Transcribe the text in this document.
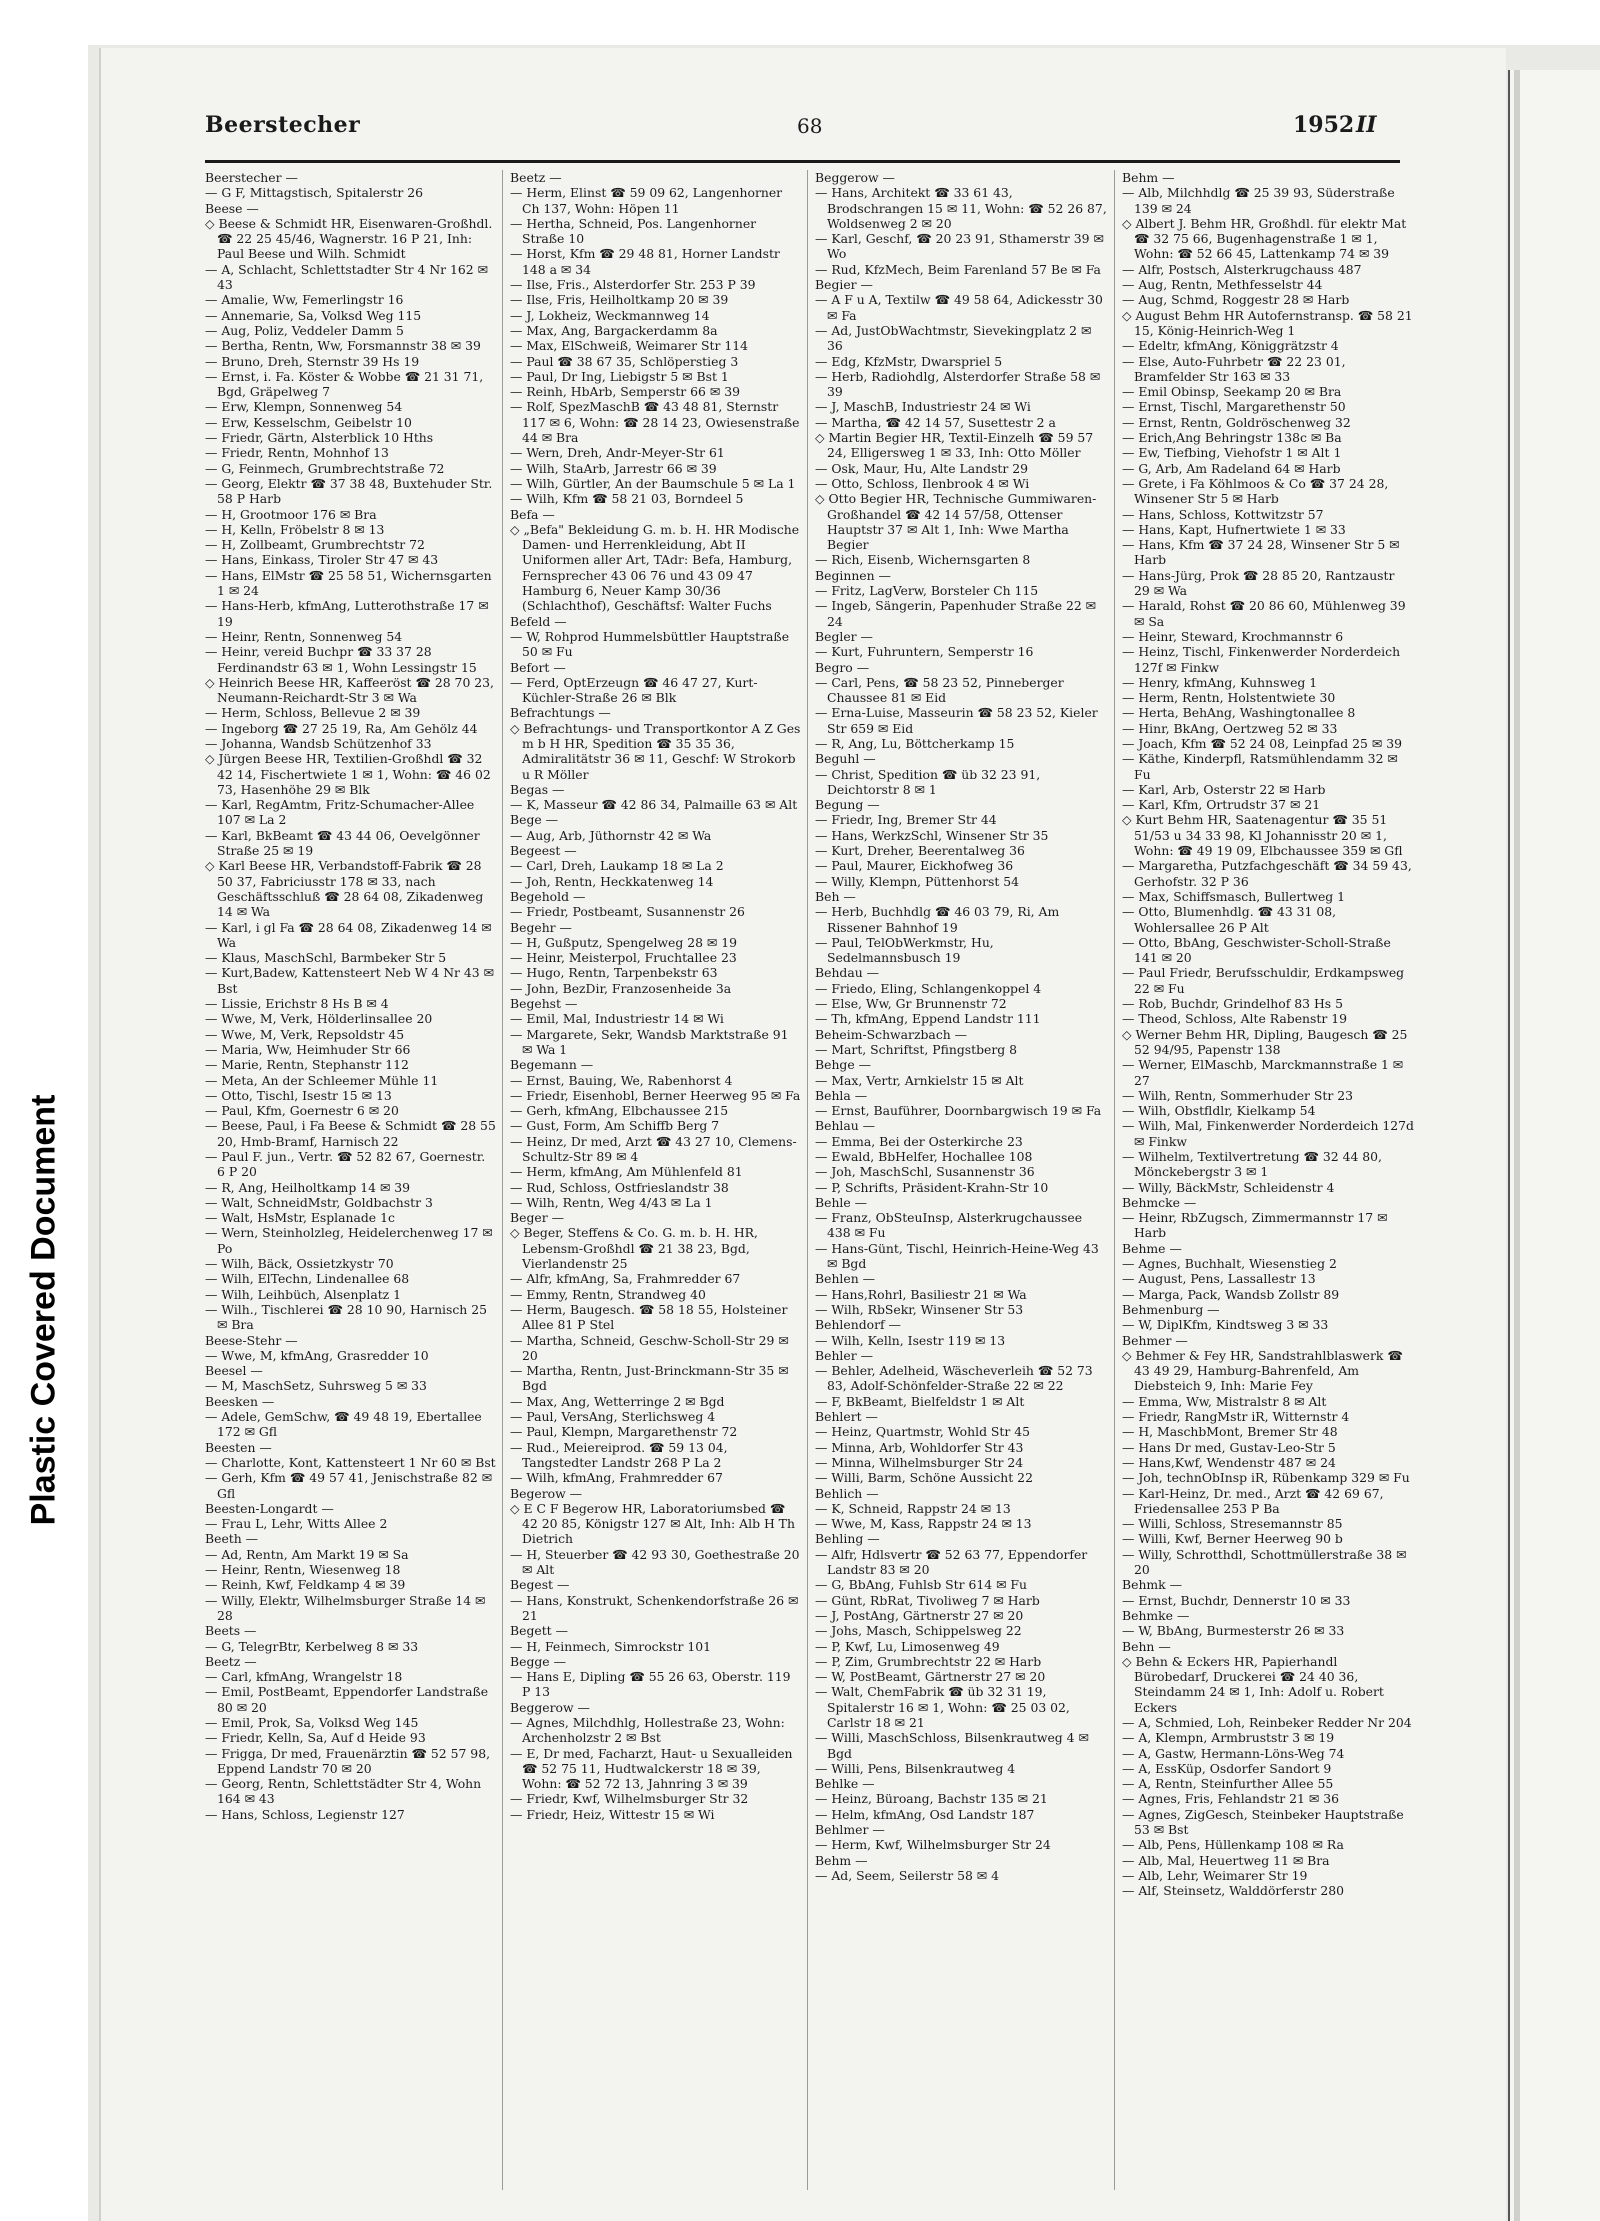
Plastic Covered Document
Beerstecher	68	1952 II
Beerstecher —
— G F, Mittagstisch, Spitalerstr 26
Beese —
◇ Beese & Schmidt HR, Eisenwaren-Großhdl. ☎ 22 25 45/46, Wagnerstr. 16 P 21, Inh: Paul Beese und Wilh. Schmidt
— A, Schlacht, Schlettstadter Str 4 Nr 162 ✉ 43
— Amalie, Ww, Femerlingstr 16
— Annemarie, Sa, Volksd Weg 115
— Aug, Poliz, Veddeler Damm 5
— Bertha, Rentn, Ww, Forsmannstr 38 ✉ 39
— Bruno, Dreh, Sternstr 39 Hs 19
— Ernst, i. Fa. Köster & Wobbe ☎ 21 31 71, Bgd, Gräpelweg 7
— Erw, Klempn, Sonnenweg 54
— Erw, Kesselschm, Geibelstr 10
— Friedr, Gärtn, Alsterblick 10 Hths
— Friedr, Rentn, Mohnhof 13
— G, Feinmech, Grumbrechtstraße 72
— Georg, Elektr ☎ 37 38 48, Buxtehuder Str. 58 P Harb
— H, Grootmoor 176 ✉ Bra
— H, Kelln, Fröbelstr 8 ✉ 13
— H, Zollbeamt, Grumbrechtstr 72
— Hans, Einkass, Tiroler Str 47 ✉ 43
— Hans, ElMstr ☎ 25 58 51, Wichernsgarten 1 ✉ 24
— Hans-Herb, kfmAng, Lutterothstraße 17 ✉ 19
— Heinr, Rentn, Sonnenweg 54
— Heinr, vereid Buchpr ☎ 33 37 28 Ferdinandstr 63 ✉ 1, Wohn Lessingstr 15
◇ Heinrich Beese HR, Kaffeeröst ☎ 28 70 23, Neumann-Reichardt-Str 3 ✉ Wa
— Herm, Schloss, Bellevue 2 ✉ 39
— Ingeborg ☎ 27 25 19, Ra, Am Gehölz 44
— Johanna, Wandsb Schützenhof 33
◇ Jürgen Beese HR, Textilien-Großhdl ☎ 32 42 14, Fischertwiete 1 ✉ 1, Wohn: ☎ 46 02 73, Hasenhöhe 29 ✉ Blk
— Karl, RegAmtm, Fritz-Schumacher-Allee 107 ✉ La 2
— Karl, BkBeamt ☎ 43 44 06, Oevelgönner Straße 25 ✉ 19
◇ Karl Beese HR, Verbandstoff-Fabrik ☎ 28 50 37, Fabriciusstr 178 ✉ 33, nach Geschäftsschluß ☎ 28 64 08, Zikadenweg 14 ✉ Wa
— Karl, i gl Fa ☎ 28 64 08, Zikadenweg 14 ✉ Wa
— Klaus, MaschSchl, Barmbeker Str 5
— Kurt,Badew, Kattensteert Neb W 4 Nr 43 ✉ Bst
— Lissie, Erichstr 8 Hs B ✉ 4
— Wwe, M, Verk, Hölderlinsallee 20
— Wwe, M, Verk, Repsoldstr 45
— Maria, Ww, Heimhuder Str 66
— Marie, Rentn, Stephanstr 112
— Meta, An der Schleemer Mühle 11
— Otto, Tischl, Isestr 15 ✉ 13
— Paul, Kfm, Goernestr 6 ✉ 20
— Beese, Paul, i Fa Beese & Schmidt ☎ 28 55 20, Hmb-Bramf, Harnisch 22
— Paul F. jun., Vertr. ☎ 52 82 67, Goernestr. 6 P 20
— R, Ang, Heilholtkamp 14 ✉ 39
— Walt, SchneidMstr, Goldbachstr 3
— Walt, HsMstr, Esplanade 1c
— Wern, Steinholzleg, Heidelerchenweg 17 ✉ Po
— Wilh, Bäck, Ossietzkystr 70
— Wilh, ElTechn, Lindenallee 68
— Wilh, Leihbüch, Alsenplatz 1
— Wilh., Tischlerei ☎ 28 10 90, Harnisch 25 ✉ Bra
Beese-Stehr —
— Wwe, M, kfmAng, Grasredder 10
Beesel —
— M, MaschSetz, Suhrsweg 5 ✉ 33
Beesken —
— Adele, GemSchw, ☎ 49 48 19, Ebertallee 172 ✉ Gfl
Beesten —
— Charlotte, Kont, Kattensteert 1 Nr 60 ✉ Bst
— Gerh, Kfm ☎ 49 57 41, Jenischstraße 82 ✉ Gfl
Beesten-Longardt —
— Frau L, Lehr, Witts Allee 2
Beeth —
— Ad, Rentn, Am Markt 19 ✉ Sa
— Heinr, Rentn, Wiesenweg 18
— Reinh, Kwf, Feldkamp 4 ✉ 39
— Willy, Elektr, Wilhelmsburger Straße 14 ✉ 28
Beets —
— G, TelegrBtr, Kerbelweg 8 ✉ 33
Beetz —
— Carl, kfmAng, Wrangelstr 18
— Emil, PostBeamt, Eppendorfer Landstraße 80 ✉ 20
— Emil, Prok, Sa, Volksd Weg 145
— Friedr, Kelln, Sa, Auf d Heide 93
— Frigga, Dr med, Frauenärztin ☎ 52 57 98, Eppend Landstr 70 ✉ 20
— Georg, Rentn, Schlettstädter Str 4, Wohn 164 ✉ 43
— Hans, Schloss, Legienstr 127
Beetz —
— Herm, Elinst ☎ 59 09 62, Langenhorner Ch 137, Wohn: Höpen 11
— Hertha, Schneid, Pos. Langenhorner Straße 10
— Horst, Kfm ☎ 29 48 81, Horner Landstr 148 a ✉ 34
— Ilse, Fris., Alsterdorfer Str. 253 P 39
— Ilse, Fris, Heilholtkamp 20 ✉ 39
— J, Lokheiz, Weckmannweg 14
— Max, Ang, Bargackerdamm 8a
— Max, ElSchweiß, Weimarer Str 114
— Paul ☎ 38 67 35, Schlöperstieg 3
— Paul, Dr Ing, Liebigstr 5 ✉ Bst 1
— Reinh, HbArb, Semperstr 66 ✉ 39
— Rolf, SpezMaschB ☎ 43 48 81, Sternstr 117 ✉ 6, Wohn: ☎ 28 14 23, Owiesenstraße 44 ✉ Bra
— Wern, Dreh, Andr-Meyer-Str 61
— Wilh, StaArb, Jarrestr 66 ✉ 39
— Wilh, Gürtler, An der Baumschule 5 ✉ La 1
— Wilh, Kfm ☎ 58 21 03, Borndeel 5
Befa —
◇ „Befa" Bekleidung G. m. b. H. HR Modische Damen- und Herrenkleidung, Abt II Uniformen aller Art, TAdr: Befa, Hamburg, Fernsprecher 43 06 76 und 43 09 47 Hamburg 6, Neuer Kamp 30/36 (Schlachthof), Geschäftsf: Walter Fuchs
Befeld —
— W, Rohprod Hummelsbüttler Hauptstraße 50 ✉ Fu
Befort —
— Ferd, OptErzeugn ☎ 46 47 27, Kurt-Küchler-Straße 26 ✉ Blk
Befrachtungs —
◇ Befrachtungs- und Transportkontor A Z Ges m b H HR, Spedition ☎ 35 35 36, Admiralitätstr 36 ✉ 11, Geschf: W Strokorb u R Möller
Begas —
— K, Masseur ☎ 42 86 34, Palmaille 63 ✉ Alt
Bege —
— Aug, Arb, Jüthornstr 42 ✉ Wa
Begeest —
— Carl, Dreh, Laukamp 18 ✉ La 2
— Joh, Rentn, Heckkatenweg 14
Begehold —
— Friedr, Postbeamt, Susannenstr 26
Begehr —
— H, Gußputz, Spengelweg 28 ✉ 19
— Heinr, Meisterpol, Fruchtallee 23
— Hugo, Rentn, Tarpenbekstr 63
— John, BezDir, Franzosenheide 3a
Begehst —
— Emil, Mal, Industriestr 14 ✉ Wi
— Margarete, Sekr, Wandsb Marktstraße 91 ✉ Wa 1
Begemann —
— Ernst, Bauing, We, Rabenhorst 4
— Friedr, Eisenhobl, Berner Heerweg 95 ✉ Fa
— Gerh, kfmAng, Elbchaussee 215
— Gust, Form, Am Schiffb Berg 7
— Heinz, Dr med, Arzt ☎ 43 27 10, Clemens-Schultz-Str 89 ✉ 4
— Herm, kfmAng, Am Mühlenfeld 81
— Rud, Schloss, Ostfrieslandstr 38
— Wilh, Rentn, Weg 4/43 ✉ La 1
Beger —
◇ Beger, Steffens & Co. G. m. b. H. HR, Lebensm-Großhdl ☎ 21 38 23, Bgd, Vierlandenstr 25
— Alfr, kfmAng, Sa, Frahmredder 67
— Emmy, Rentn, Strandweg 40
— Herm, Baugesch. ☎ 58 18 55, Holsteiner Allee 81 P Stel
— Martha, Schneid, Geschw-Scholl-Str 29 ✉ 20
— Martha, Rentn, Just-Brinckmann-Str 35 ✉ Bgd
— Max, Ang, Wetterringe 2 ✉ Bgd
— Paul, VersAng, Sterlichsweg 4
— Paul, Klempn, Margarethenstr 72
— Rud., Meiereiprod. ☎ 59 13 04, Tangstedter Landstr 268 P La 2
— Wilh, kfmAng, Frahmredder 67
Begerow —
◇ E C F Begerow HR, Laboratoriumsbed ☎ 42 20 85, Königstr 127 ✉ Alt, Inh: Alb H Th Dietrich
— H, Steuerber ☎ 42 93 30, Goethestraße 20 ✉ Alt
Begest —
— Hans, Konstrukt, Schenkendorfstraße 26 ✉ 21
Begett —
— H, Feinmech, Simrockstr 101
Begge —
— Hans E, Dipling ☎ 55 26 63, Oberstr. 119 P 13
Beggerow —
— Agnes, Milchdhlg, Hollestraße 23, Wohn: Archenholzstr 2 ✉ Bst
— E, Dr med, Facharzt, Haut- u Sexualleiden ☎ 52 75 11, Hudtwalckerstr 18 ✉ 39, Wohn: ☎ 52 72 13, Jahnring 3 ✉ 39
— Friedr, Kwf, Wilhelmsburger Str 32
— Friedr, Heiz, Wittestr 15 ✉ Wi
Beggerow —
— Hans, Architekt ☎ 33 61 43, Brodschrangen 15 ✉ 11, Wohn: ☎ 52 26 87, Woldsenweg 2 ✉ 20
— Karl, Geschf, ☎ 20 23 91, Sthamerstr 39 ✉ Wo
— Rud, KfzMech, Beim Farenland 57 Be ✉ Fa
Begier —
— A F u A, Textilw ☎ 49 58 64, Adickesstr 30 ✉ Fa
— Ad, JustObWachtmstr, Sievekingplatz 2 ✉ 36
— Edg, KfzMstr, Dwarspriel 5
— Herb, Radiohdlg, Alsterdorfer Straße 58 ✉ 39
— J, MaschB, Industriestr 24 ✉ Wi
— Martha, ☎ 42 14 57, Susettestr 2 a
◇ Martin Begier HR, Textil-Einzelh ☎ 59 57 24, Elligersweg 1 ✉ 33, Inh: Otto Möller
— Osk, Maur, Hu, Alte Landstr 29
— Otto, Schloss, Ilenbrook 4 ✉ Wi
◇ Otto Begier HR, Technische Gummiwaren-Großhandel ☎ 42 14 57/58, Ottenser Hauptstr 37 ✉ Alt 1, Inh: Wwe Martha Begier
— Rich, Eisenb, Wichernsgarten 8
Beginnen —
— Fritz, LagVerw, Borsteler Ch 115
— Ingeb, Sängerin, Papenhuder Straße 22 ✉ 24
Begler —
— Kurt, Fuhruntern, Semperstr 16
Begro —
— Carl, Pens, ☎ 58 23 52, Pinneberger Chaussee 81 ✉ Eid
— Erna-Luise, Masseurin ☎ 58 23 52, Kieler Str 659 ✉ Eid
— R, Ang, Lu, Böttcherkamp 15
Beguhl —
— Christ, Spedition ☎ üb 32 23 91, Deichtorstr 8 ✉ 1
Begung —
— Friedr, Ing, Bremer Str 44
— Hans, WerkzSchl, Winsener Str 35
— Kurt, Dreher, Beerentalweg 36
— Paul, Maurer, Eickhofweg 36
— Willy, Klempn, Püttenhorst 54
Beh —
— Herb, Buchhdlg ☎ 46 03 79, Ri, Am Rissener Bahnhof 19
— Paul, TelObWerkmstr, Hu, Sedelmannsbusch 19
Behdau —
— Friedo, Eling, Schlangenkoppel 4
— Else, Ww, Gr Brunnenstr 72
— Th, kfmAng, Eppend Landstr 111
Beheim-Schwarzbach —
— Mart, Schriftst, Pfingstberg 8
Behge —
— Max, Vertr, Arnkielstr 15 ✉ Alt
Behla —
— Ernst, Bauführer, Doornbargwisch 19 ✉ Fa
Behlau —
— Emma, Bei der Osterkirche 23
— Ewald, BbHelfer, Hochallee 108
— Joh, MaschSchl, Susannenstr 36
— P, Schrifts, Präsident-Krahn-Str 10
Behle —
— Franz, ObSteuInsp, Alsterkrugchaussee 438 ✉ Fu
— Hans-Günt, Tischl, Heinrich-Heine-Weg 43 ✉ Bgd
Behlen —
— Hans,Rohrl, Basiliestr 21 ✉ Wa
— Wilh, RbSekr, Winsener Str 53
Behlendorf —
— Wilh, Kelln, Isestr 119 ✉ 13
Behler —
— Behler, Adelheid, Wäscheverleih ☎ 52 73 83, Adolf-Schönfelder-Straße 22 ✉ 22
— F, BkBeamt, Bielfeldstr 1 ✉ Alt
Behlert —
— Heinz, Quartmstr, Wohld Str 45
— Minna, Arb, Wohldorfer Str 43
— Minna, Wilhelmsburger Str 24
— Willi, Barm, Schöne Aussicht 22
Behlich —
— K, Schneid, Rappstr 24 ✉ 13
— Wwe, M, Kass, Rappstr 24 ✉ 13
Behling —
— Alfr, Hdlsvertr ☎ 52 63 77, Eppendorfer Landstr 83 ✉ 20
— G, BbAng, Fuhlsb Str 614 ✉ Fu
— Günt, RbRat, Tivoliweg 7 ✉ Harb
— J, PostAng, Gärtnerstr 27 ✉ 20
— Johs, Masch, Schippelsweg 22
— P, Kwf, Lu, Limosenweg 49
— P, Zim, Grumbrechtstr 22 ✉ Harb
— W, PostBeamt, Gärtnerstr 27 ✉ 20
— Walt, ChemFabrik ☎ üb 32 31 19, Spitalerstr 16 ✉ 1, Wohn: ☎ 25 03 02, Carlstr 18 ✉ 21
— Willi, MaschSchloss, Bilsenkrautweg 4 ✉ Bgd
— Willi, Pens, Bilsenkrautweg 4
Behlke —
— Heinz, Büroang, Bachstr 135 ✉ 21
— Helm, kfmAng, Osd Landstr 187
Behlmer —
— Herm, Kwf, Wilhelmsburger Str 24
Behm —
— Ad, Seem, Seilerstr 58 ✉ 4
Behm —
— Alb, Milchhdlg ☎ 25 39 93, Süderstraße 139 ✉ 24
◇ Albert J. Behm HR, Großhdl. für elektr Mat ☎ 32 75 66, Bugenhagenstraße 1 ✉ 1, Wohn: ☎ 52 66 45, Lattenkamp 74 ✉ 39
— Alfr, Postsch, Alsterkrugchauss 487
— Aug, Rentn, Methfesselstr 44
— Aug, Schmd, Roggestr 28 ✉ Harb
◇ August Behm HR Autofernstransp. ☎ 58 21 15, König-Heinrich-Weg 1
— Edeltr, kfmAng, Königgrätzstr 4
— Else, Auto-Fuhrbetr ☎ 22 23 01, Bramfelder Str 163 ✉ 33
— Emil Obinsp, Seekamp 20 ✉ Bra
— Ernst, Tischl, Margarethenstr 50
— Ernst, Rentn, Goldröschenweg 32
— Erich,Ang Behringstr 138c ✉ Ba
— Ew, Tiefbing, Viehofstr 1 ✉ Alt 1
— G, Arb, Am Radeland 64 ✉ Harb
— Grete, i Fa Köhlmoos & Co ☎ 37 24 28, Winsener Str 5 ✉ Harb
— Hans, Schloss, Kottwitzstr 57
— Hans, Kapt, Hufnertwiete 1 ✉ 33
— Hans, Kfm ☎ 37 24 28, Winsener Str 5 ✉ Harb
— Hans-Jürg, Prok ☎ 28 85 20, Rantzaustr 29 ✉ Wa
— Harald, Rohst ☎ 20 86 60, Mühlenweg 39 ✉ Sa
— Heinr, Steward, Krochmannstr 6
— Heinz, Tischl, Finkenwerder Norderdeich 127f ✉ Finkw
— Henry, kfmAng, Kuhnsweg 1
— Herm, Rentn, Holstentwiete 30
— Herta, BehAng, Washingtonallee 8
— Hinr, BkAng, Oertzweg 52 ✉ 33
— Joach, Kfm ☎ 52 24 08, Leinpfad 25 ✉ 39
— Käthe, Kinderpfl, Ratsmühlendamm 32 ✉ Fu
— Karl, Arb, Osterstr 22 ✉ Harb
— Karl, Kfm, Ortrudstr 37 ✉ 21
◇ Kurt Behm HR, Saatenagentur ☎ 35 51 51/53 u 34 33 98, Kl Johannisstr 20 ✉ 1, Wohn: ☎ 49 19 09, Elbchaussee 359 ✉ Gfl
— Margaretha, Putzfachgeschäft ☎ 34 59 43, Gerhofstr. 32 P 36
— Max, Schiffsmasch, Bullertweg 1
— Otto, Blumenhdlg. ☎ 43 31 08, Wohlersallee 26 P Alt
— Otto, BbAng, Geschwister-Scholl-Straße 141 ✉ 20
— Paul Friedr, Berufsschuldir, Erdkampsweg 22 ✉ Fu
— Rob, Buchdr, Grindelhof 83 Hs 5
— Theod, Schloss, Alte Rabenstr 19
◇ Werner Behm HR, Dipling, Baugesch ☎ 25 52 94/95, Papenstr 138
— Werner, ElMaschb, Marckmannstraße 1 ✉ 27
— Wilh, Rentn, Sommerhuder Str 23
— Wilh, Obstfldlr, Kielkamp 54
— Wilh, Mal, Finkenwerder Norderdeich 127d ✉ Finkw
— Wilhelm, Textilvertretung ☎ 32 44 80, Mönckebergstr 3 ✉ 1
— Willy, BäckMstr, Schleidenstr 4
Behmcke —
— Heinr, RbZugsch, Zimmermannstr 17 ✉ Harb
Behme —
— Agnes, Buchhalt, Wiesenstieg 2
— August, Pens, Lassallestr 13
— Marga, Pack, Wandsb Zollstr 89
Behmenburg —
— W, DiplKfm, Kindtsweg 3 ✉ 33
Behmer —
◇ Behmer & Fey HR, Sandstrahlblaswerk ☎ 43 49 29, Hamburg-Bahrenfeld, Am Diebsteich 9, Inh: Marie Fey
— Emma, Ww, Mistralstr 8 ✉ Alt
— Friedr, RangMstr iR, Witternstr 4
— H, MaschbMont, Bremer Str 48
— Hans Dr med, Gustav-Leo-Str 5
— Hans,Kwf, Wendenstr 487 ✉ 24
— Joh, technObInsp iR, Rübenkamp 329 ✉ Fu
— Karl-Heinz, Dr. med., Arzt ☎ 42 69 67, Friedensallee 253 P Ba
— Willi, Schloss, Stresemannstr 85
— Willi, Kwf, Berner Heerweg 90 b
— Willy, Schrotthdl, Schottmüllerstraße 38 ✉ 20
Behmk —
— Ernst, Buchdr, Dennerstr 10 ✉ 33
Behmke —
— W, BbAng, Burmesterstr 26 ✉ 33
Behn —
◇ Behn & Eckers HR, Papierhandl Bürobedarf, Druckerei ☎ 24 40 36, Steindamm 24 ✉ 1, Inh: Adolf u. Robert Eckers
— A, Schmied, Loh, Reinbeker Redder Nr 204
— A, Klempn, Armbruststr 3 ✉ 19
— A, Gastw, Hermann-Löns-Weg 74
— A, EssKüp, Osdorfer Sandort 9
— A, Rentn, Steinfurther Allee 55
— Agnes, Fris, Fehlandstr 21 ✉ 36
— Agnes, ZigGesch, Steinbeker Hauptstraße 53 ✉ Bst
— Alb, Pens, Hüllenkamp 108 ✉ Ra
— Alb, Mal, Heuertweg 11 ✉ Bra
— Alb, Lehr, Weimarer Str 19
— Alf, Steinsetz, Walddörferstr 280
